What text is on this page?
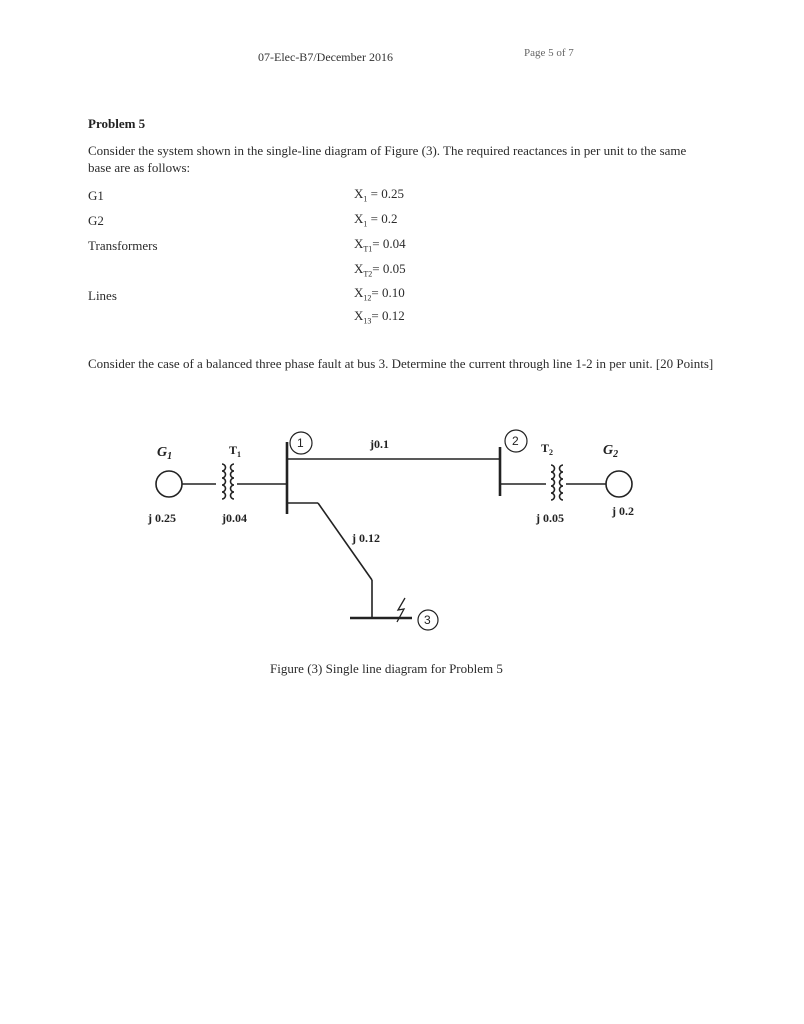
07-Elec-B7/December 2016	Page 5 of 7
Problem 5
Consider the system shown in the single-line diagram of Figure (3). The required reactances in per unit to the same base are as follows:
G1	$X_1 = 0.25$
G2	$X_1 = 0.2$
Transformers	$X_{T1}= 0.04$
$X_{T2}= 0.05$
Lines	$X_{12}= 0.10$
$X_{13}= 0.12$
Consider the case of a balanced three phase fault at bus 3. Determine the current through line 1-2 in per unit. [20 Points]
$G_1$	$T_1$
1	j0.1	2 $T_2$	$G_2$
j 0.25	j0.04
j 0.12
j 0.05	j 0.2
3
Figure (3) Single line diagram for Problem 5
